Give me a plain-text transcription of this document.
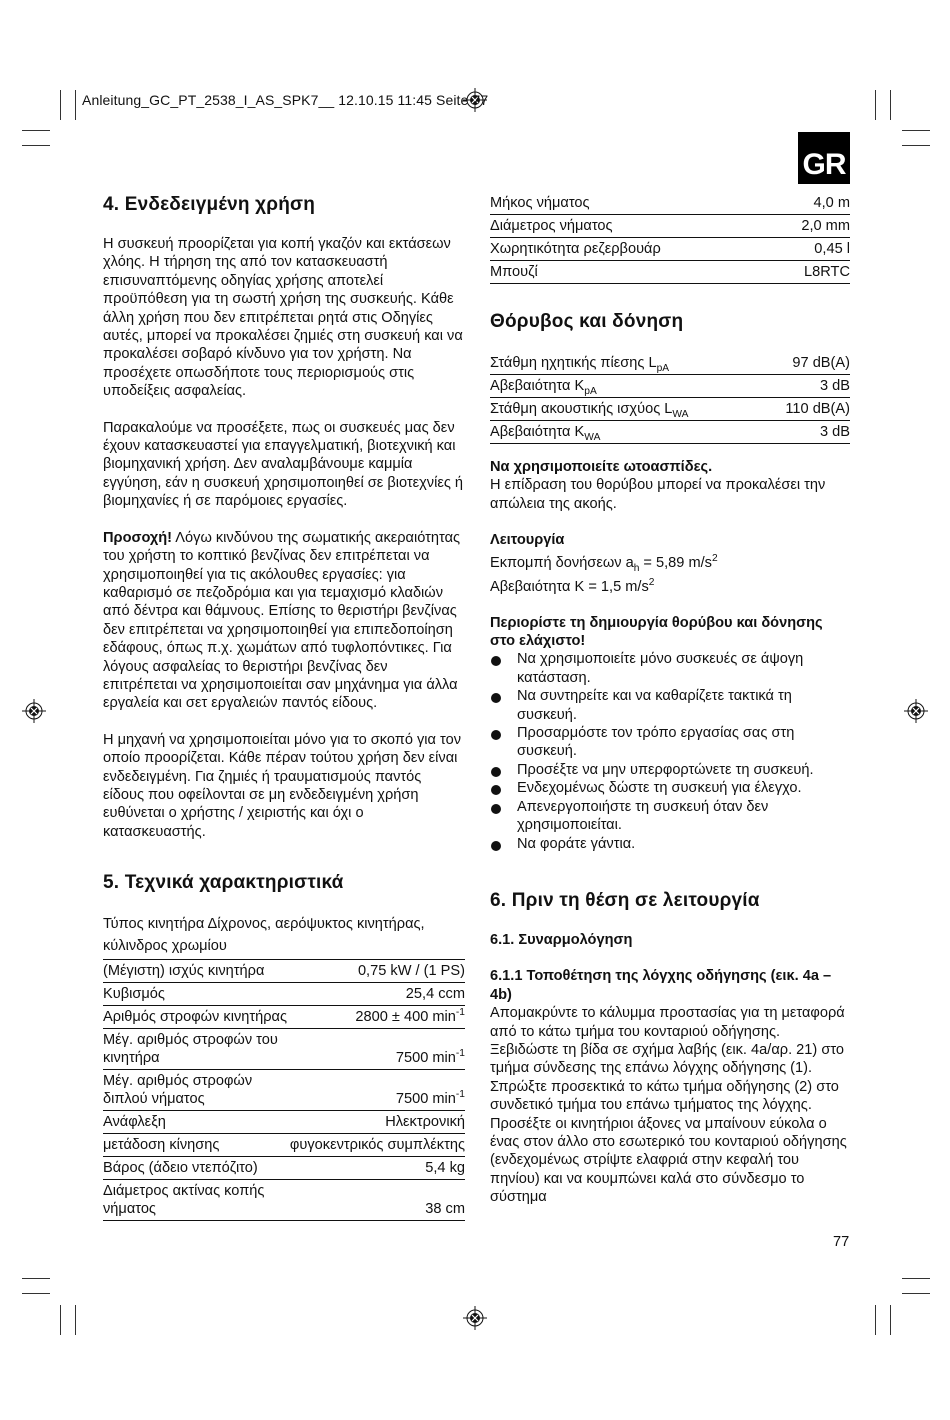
Anleitung_GC_PT_2538_I_AS_SPK7__ 12.10.15 11:45 Seite 77
GR
4. Ενδεδειγμένη χρήση

Η συσκευή προορίζεται για κοπή γκαζόν και εκτάσεων χλόης. Η τήρηση της από τον κατασκευαστή επισυναπτόμενης οδηγίας χρήσης αποτελεί προϋπόθεση για τη σωστή χρήση της συσκευής. Κάθε άλλη χρήση που δεν επιτρέπεται ρητά στις Οδηγίες αυτές, μπορεί να προκαλέσει ζημιές στη συσκευή και να προκαλέσει σοβαρό κίνδυνο για τον χρήστη. Να προσέχετε οπωσδήποτε τους περιορισμούς στις υποδείξεις ασφαλείας.

Παρακαλούμε να προσέξετε, πως οι συσκευές μας δεν έχουν κατασκευαστεί για επαγγελματική, βιοτεχνική και βιομηχανική χρήση. Δεν αναλαμβάνουμε καμμία εγγύηση, εάν η συσκευή χρησιμοποιηθεί σε βιοτεχνίες ή βιομηχανίες ή σε παρόμοιες εργασίες.

Προσοχή! Λόγω κινδύνου της σωματικής ακεραιότητας του χρήστη το κοπτικό βενζίνας δεν επιτρέπεται να χρησιμοποιηθεί για τις ακόλουθες εργασίες: για καθαρισμό σε πεζοδρόμια και για τεμαχισμό κλαδιών από δέντρα και θάμνους. Επίσης το θεριστήρι βενζίνας δεν επιτρέπεται να χρησιμοποιηθεί για επιπεδοποίηση εδάφους, όπως π.χ. χωμάτων από τυφλοπόντικες. Για λόγους ασφαλείας το θεριστήρι βενζίνας δεν επιτρέπεται να χρησιμοποιείται σαν μηχάνημα για άλλα εργαλεία και σετ εργαλειών παντός είδους.

Η μηχανή να χρησιμοποιείται μόνο για το σκοπό για τον οποίο προορίζεται. Κάθε πέραν τούτου χρήση δεν είναι ενδεδειγμένη. Για ζημιές ή τραυματισμούς παντός είδους που οφείλονται σε μη ενδεδειγμένη χρήση ευθύνεται ο χρήστης / χειριστής και όχι ο κατασκευαστής.

5. Τεχνικά χαρακτηριστικά

Τύπος κινητήρα Δίχρονος, αερόψυκτος κινητήρας, κύλινδρος χρωμίου

(Μέγιστη) ισχύς κινητήρα	0,75 kW / (1 PS)
Κυβισμός	25,4 ccm
Αριθμός στροφών κινητήρας	2800 ± 400 $\min^{-1}$
Μέγ. αριθμός στροφών του κινητήρα	7500 $\min^{-1}$
Μέγ. αριθμός στροφών διπλού νήματος	7500 $\min^{-1}$
Ανάφλεξη	Ηλεκτρονική
μετάδοση κίνησης	φυγοκεντρικός συμπλέκτης
Βάρος (άδειο ντεπόζιτο)	5,4 kg
Διάμετρος ακτίνας κοπής νήματος	38 cm
Μήκος νήματος	4,0 m
Διάμετρος νήματος	2,0 mm
Χωρητικότητα ρεζερβουάρ	0,45 l
Μπουζί	L8RTC
Θόρυβος και δόνηση
Στάθμη ηχητικής πίεσης $L_{pA}$	97 dB(A)
Αβεβαιότητα $K_{pA}$	3 dB
Στάθμη ακουστικής ισχύος $L_{WA}$	110 dB(A)
Αβεβαιότητα $K_{WA}$	3 dB

Να χρησιμοποιείτε ωτοασπίδες.

Η επίδραση του θορύβου μπορεί να προκαλέσει την απώλεια της ακοής.

Λειτουργία

Εκπομπή δονήσεων $a_h = 5,89$ $m/s^2$

Αβεβαιότητα K = 1,5 $m/s^2$

Περιορίστε τη δημιουργία θορύβου και δόνησης στο ελάχιστο!

Να χρησιμοποιείτε μόνο συσκευές σε άψογη κατάσταση.
Να συντηρείτε και να καθαρίζετε τακτικά τη συσκευή.
Προσαρμόστε τον τρόπο εργασίας σας στη συσκευή.
Προσέξτε να μην υπερφορτώνετε τη συσκευή.
Ενδεχομένως δώστε τη συσκευή για έλεγχο.
Απενεργοποιήστε τη συσκευή όταν δεν χρησιμοποιείται.
Να φοράτε γάντια.
6. Πριν τη θέση σε λειτουργία

6.1. Συναρμολόγηση

6.1.1 Τοποθέτηση της λόγχης οδήγησης (εικ. 4a – 4b)

Απομακρύντε το κάλυμμα προστασίας για τη μεταφορά από το κάτω τμήμα του κονταριού οδήγησης. Ξεβιδώστε τη βίδα σε σχήμα λαβής (εικ. 4a/αρ. 21) στο τμήμα σύνδεσης της επάνω λόγχης οδήγησης (1). Σπρώξτε προσεκτικά το κάτω τμήμα οδήγησης (2) στο συνδετικό τμήμα του επάνω τμήματος της λόγχης. Προσέξτε οι κινητήριοι άξονες να μπαίνουν εύκολα ο ένας στον άλλο στο εσωτερικό του κονταριού οδήγησης (ενδεχομένως στρίψτε ελαφριά στην κεφαλή του πηνίου) και να κουμπώνει καλά στο σύνδεσμο το σύστημα

77
